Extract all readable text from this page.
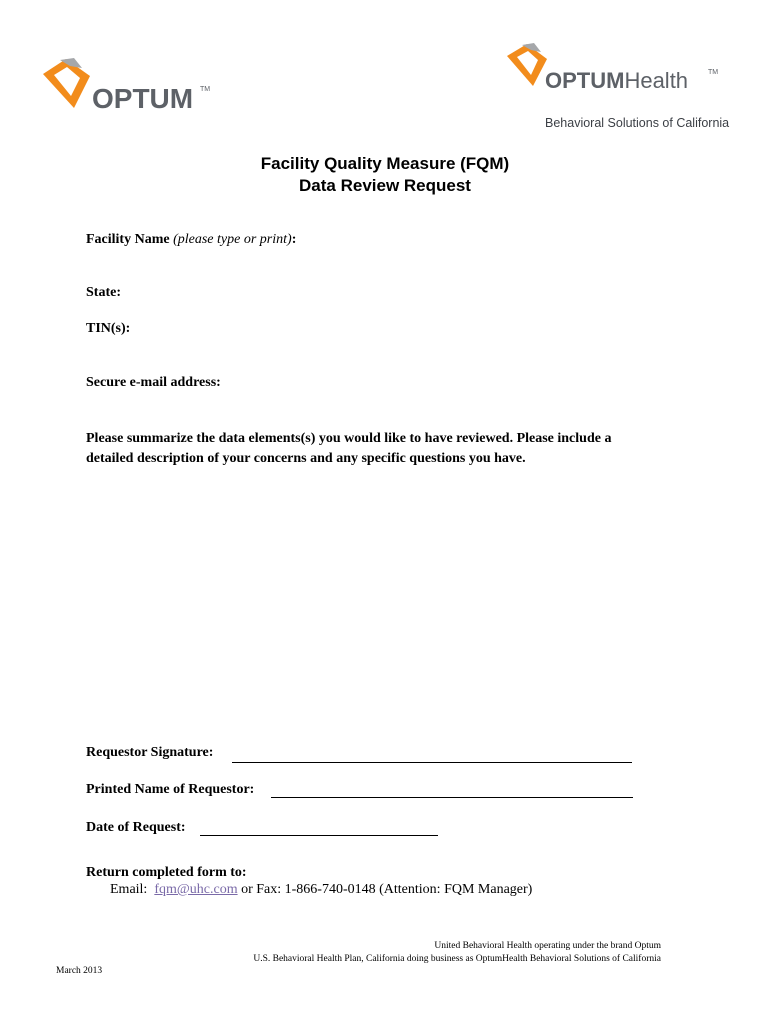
OPTUM TM	OPTUMHealth	TM
Behavioral Solutions of California
Facility Quality Measure (FQM)
Data Review Request
Facility Name (please type or print):
State:
TIN(s):
Secure e-mail address:
Please summarize the data elements(s) you would like to have reviewed. Please include a
detailed description of your concerns and any specific questions you have.
Requestor Signature:
Printed Name of Requestor:
Date of Request:
Return completed form to:
Email: fqm@uhc.com or Fax: 1-866-740-0148 (Attention: FQM Manager)
United Behavioral Health operating under the brand Optum
U.S. Behavioral Health Plan, California doing business as OptumHealth Behavioral Solutions of California
March 2013
